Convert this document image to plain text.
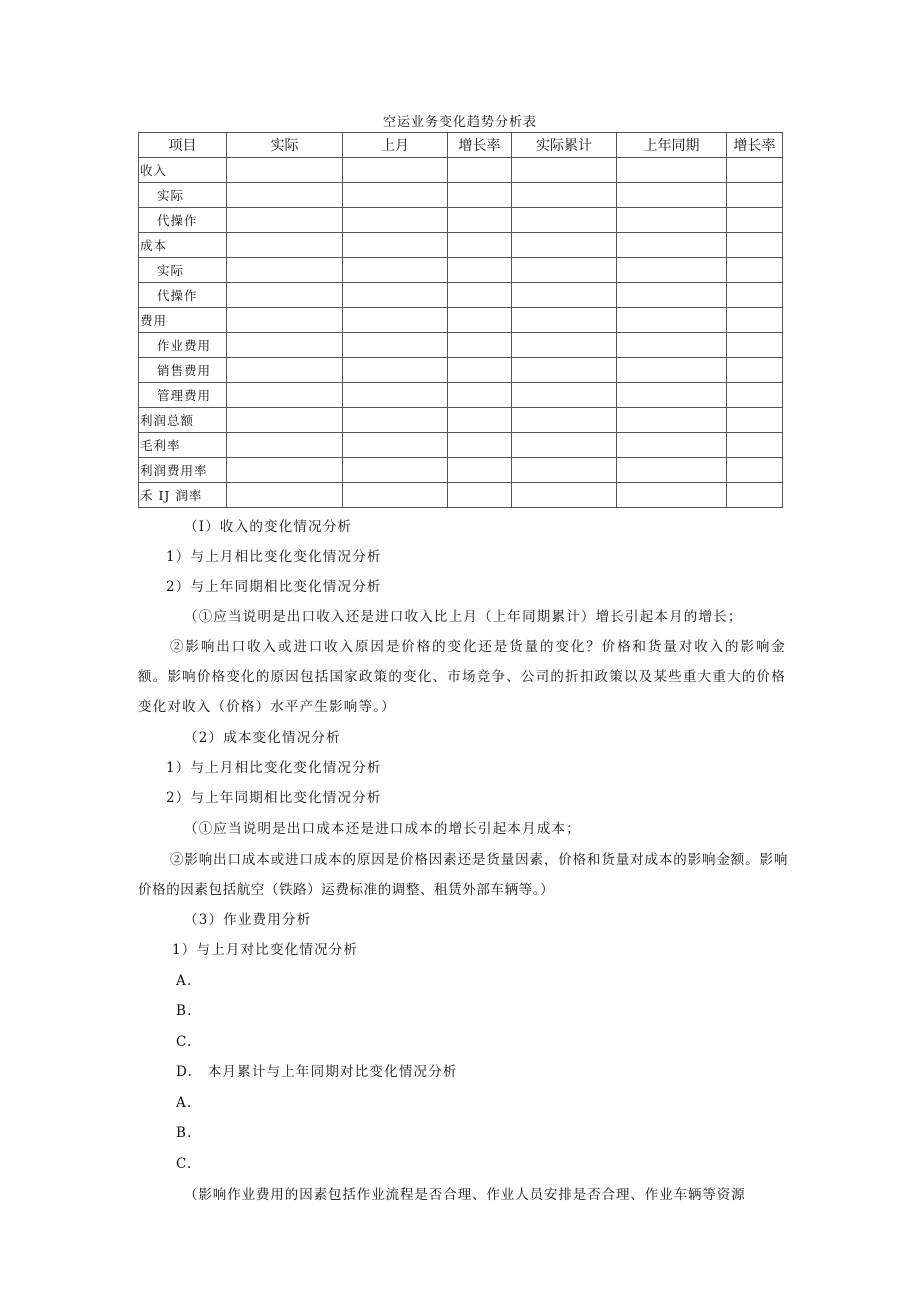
空运业务变化趋势分析表
项目	实际	上月	增长率	实际累计	上年同期	增长率
收入						
实际						
代操作						
成本						
实际						
代操作						
费用						
作业费用						
销售费用						
管理费用						
利润总额						
毛利率						
利润费用率						
禾 IJ 润率						
（I）收入的变化情况分析
1）与上月相比变化变化情况分析
2）与上年同期相比变化情况分析
（①应当说明是出口收入还是进口收入比上月（上年同期累计）增长引起本月的增长；
②影响出口收入或进口收入原因是价格的变化还是货量的变化？价格和货量对收入的影响金额。影响价格变化的原因包括国家政策的变化、市场竞争、公司的折扣政策以及某些重大重大的价格变化对收入（价格）水平产生影响等。）
（2）成本变化情况分析
1）与上月相比变化变化情况分析
2）与上年同期相比变化情况分析
（①应当说明是出口成本还是进口成本的增长引起本月成本；
②影响出口成本或进口成本的原因是价格因素还是货量因素，价格和货量对成本的影响金额。影响价格的因素包括航空（铁路）运费标准的调整、租赁外部车辆等。）
（3）作业费用分析
1）与上月对比变化情况分析
A.
B.
C.
D.　本月累计与上年同期对比变化情况分析
A.
B.
C.
（影响作业费用的因素包括作业流程是否合理、作业人员安排是否合理、作业车辆等资源
